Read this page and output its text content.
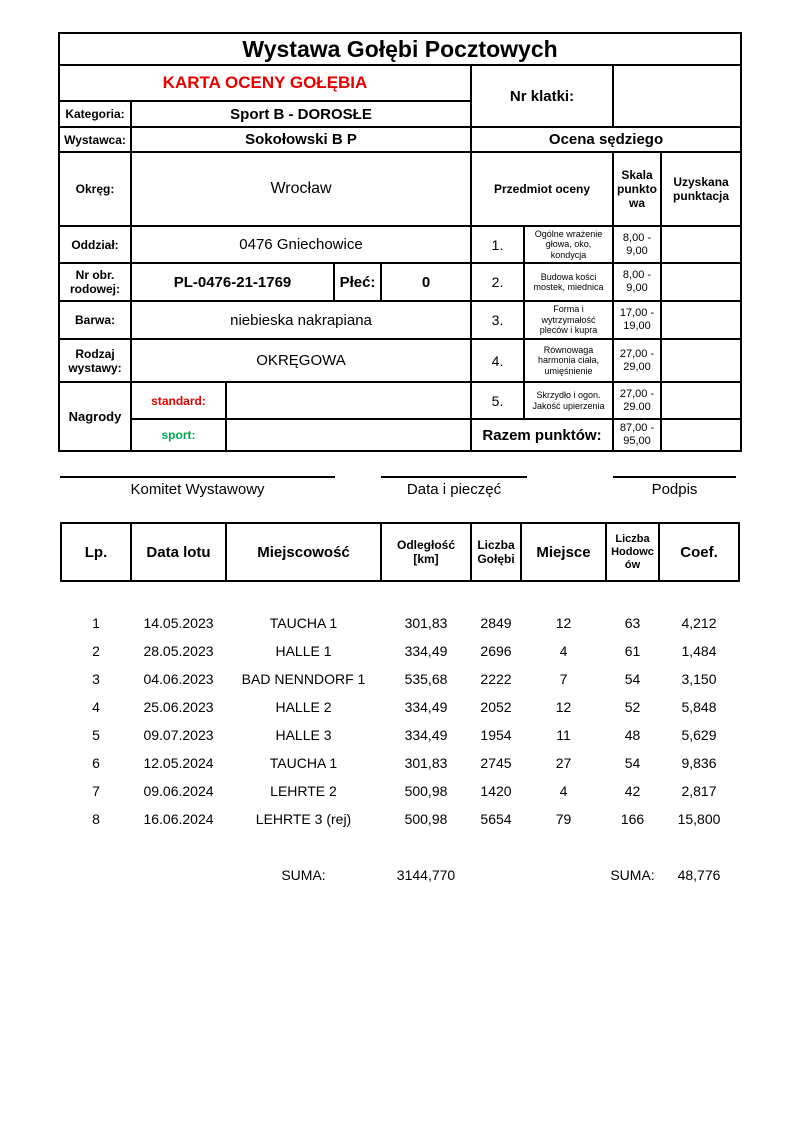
Wystawa Gołębi Pocztowych								
KARTA OCENY GOŁĘBIA					Nr klatki:			
Kategoria:	Sport B - DOROSŁE							
Wystawca:	Sokołowski B P				Ocena sędziego			
Okręg:	Wrocław				Przedmiot oceny		Skala punktowa	Uzyskana punktacja
Oddział:	0476 Gniechowice				1.	Ogólne wrażenie głowa, oko, kondycja	8,00 - 9,00	
Nr obr. rodowej:	PL-0476-21-1769		Płeć:	0	2.	Budowa kości mostek, miednica	8,00 - 9,00	
Barwa:	niebieska nakrapiana				3.	Forma i wytrzymałość pleców i kupra	17,00 - 19,00	
Rodzaj wystawy:	OKRĘGOWA				4.	Równowaga harmonia ciała, umięśnienie	27,00 - 29,00	
Nagrody	standard:				5.	Skrzydło i ogon. Jakość upierzenia	27,00 - 29.00	
	sport:				Razem punktów:		87,00 - 95,00	
Komitet Wystawowy	Data i pieczęć	Podpis
Lp.	Data lotu	Miejscowość	Odległość [km]	Liczba Gołębi	Miejsce	Liczba Hodowców	Coef.

1	14.05.2023	TAUCHA 1	301,83	2849	12	63	4,212
2	28.05.2023	HALLE 1	334,49	2696	4	61	1,484
3	04.06.2023	BAD NENNDORF 1	535,68	2222	7	54	3,150
4	25.06.2023	HALLE 2	334,49	2052	12	52	5,848
5	09.07.2023	HALLE 3	334,49	1954	11	48	5,629
6	12.05.2024	TAUCHA 1	301,83	2745	27	54	9,836
7	09.06.2024	LEHRTE 2	500,98	1420	4	42	2,817
8	16.06.2024	LEHRTE 3 (rej)	500,98	5654	79	166	15,800

		SUMA:	3144,770			SUMA:	48,776
